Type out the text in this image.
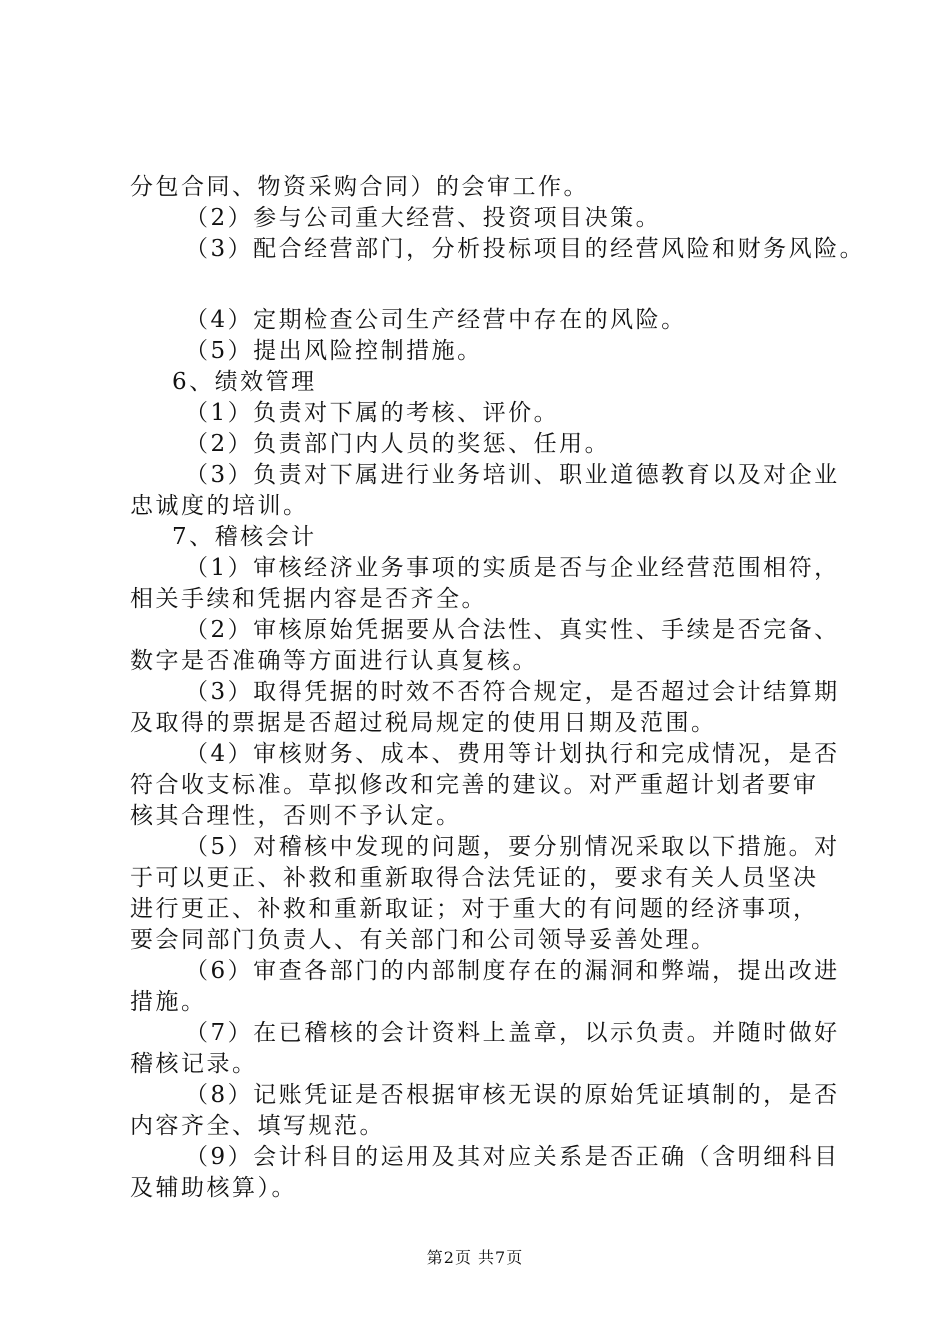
分包合同、物资采购合同）的会审工作。
（2）参与公司重大经营、投资项目决策。
（3）配合经营部门，分析投标项目的经营风险和财务风险。
（4）定期检查公司生产经营中存在的风险。
（5）提出风险控制措施。
6、绩效管理
（1）负责对下属的考核、评价。
（2）负责部门内人员的奖惩、任用。
（3）负责对下属进行业务培训、职业道德教育以及对企业
忠诚度的培训。
7、稽核会计
（1）审核经济业务事项的实质是否与企业经营范围相符，
相关手续和凭据内容是否齐全。
（2）审核原始凭据要从合法性、真实性、手续是否完备、
数字是否准确等方面进行认真复核。
（3）取得凭据的时效不否符合规定，是否超过会计结算期
及取得的票据是否超过税局规定的使用日期及范围。
（4）审核财务、成本、费用等计划执行和完成情况，是否
符合收支标准。草拟修改和完善的建议。对严重超计划者要审
核其合理性，否则不予认定。
（5）对稽核中发现的问题，要分别情况采取以下措施。对
于可以更正、补救和重新取得合法凭证的，要求有关人员坚决
进行更正、补救和重新取证；对于重大的有问题的经济事项，
要会同部门负责人、有关部门和公司领导妥善处理。
（6）审查各部门的内部制度存在的漏洞和弊端，提出改进
措施。
（7）在已稽核的会计资料上盖章，以示负责。并随时做好
稽核记录。
（8）记账凭证是否根据审核无误的原始凭证填制的，是否
内容齐全、填写规范。
（9）会计科目的运用及其对应关系是否正确（含明细科目
及辅助核算）。
第2页 共7页
